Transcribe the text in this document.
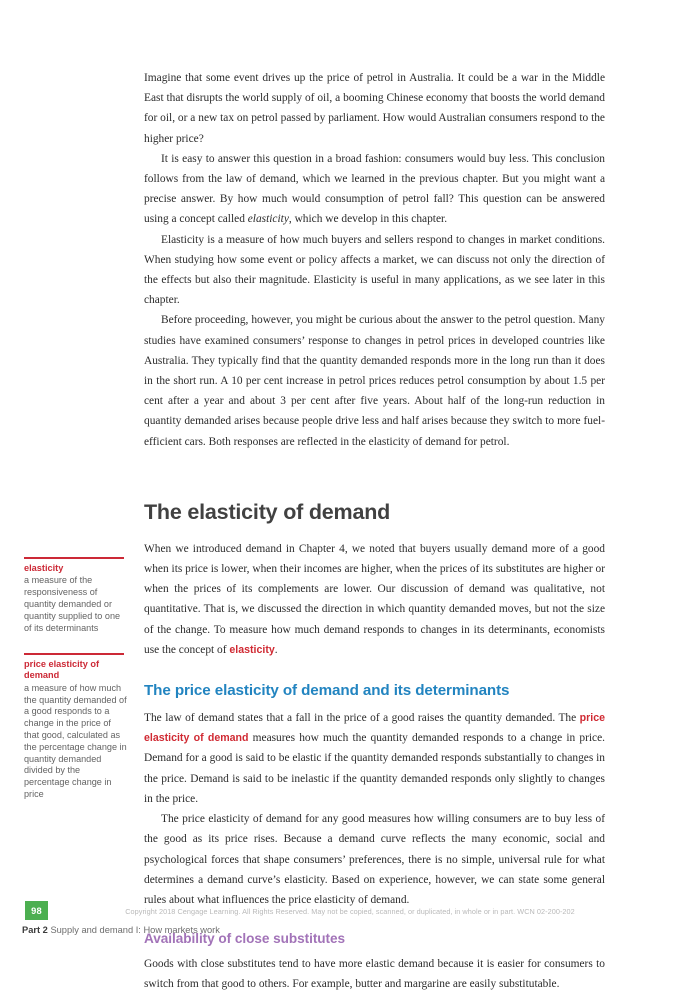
Imagine that some event drives up the price of petrol in Australia. It could be a war in the Middle East that disrupts the world supply of oil, a booming Chinese economy that boosts the world demand for oil, or a new tax on petrol passed by parliament. How would Australian consumers respond to the higher price?

It is easy to answer this question in a broad fashion: consumers would buy less. This conclusion follows from the law of demand, which we learned in the previous chapter. But you might want a precise answer. By how much would consumption of petrol fall? This question can be answered using a concept called elasticity, which we develop in this chapter.

Elasticity is a measure of how much buyers and sellers respond to changes in market conditions. When studying how some event or policy affects a market, we can discuss not only the direction of the effects but also their magnitude. Elasticity is useful in many applications, as we see later in this chapter.

Before proceeding, however, you might be curious about the answer to the petrol question. Many studies have examined consumers’ response to changes in petrol prices in developed countries like Australia. They typically find that the quantity demanded responds more in the long run than it does in the short run. A 10 per cent increase in petrol prices reduces petrol consumption by about 1.5 per cent after a year and about 3 per cent after five years. About half of the long-run reduction in quantity demanded arises because people drive less and half arises because they switch to more fuel-efficient cars. Both responses are reflected in the elasticity of demand for petrol.

The elasticity of demand

When we introduced demand in Chapter 4, we noted that buyers usually demand more of a good when its price is lower, when their incomes are higher, when the prices of its substitutes are higher or when the prices of its complements are lower. Our discussion of demand was qualitative, not quantitative. That is, we discussed the direction in which quantity demanded moves, but not the size of the change. To measure how much demand responds to changes in its determinants, economists use the concept of elasticity.

The price elasticity of demand and its determinants

The law of demand states that a fall in the price of a good raises the quantity demanded. The price elasticity of demand measures how much the quantity demanded responds to a change in price. Demand for a good is said to be elastic if the quantity demanded responds substantially to changes in the price. Demand is said to be inelastic if the quantity demanded responds only slightly to changes in the price.

The price elasticity of demand for any good measures how willing consumers are to buy less of the good as its price rises. Because a demand curve reflects the many economic, social and psychological forces that shape consumers’ preferences, there is no simple, universal rule for what determines a demand curve’s elasticity. Based on experience, however, we can state some general rules about what influences the price elasticity of demand.

Availability of close substitutes

Goods with close substitutes tend to have more elastic demand because it is easier for consumers to switch from that good to others. For example, butter and margarine are easily substitutable.

elasticity
a measure of the responsiveness of quantity demanded or quantity supplied to one of its determinants
price elasticity of demand
a measure of how much the quantity demanded of a good responds to a change in the price of that good, calculated as the percentage change in quantity demanded divided by the percentage change in price
98	Copyright 2018 Cengage Learning. All Rights Reserved. May not be copied, scanned, or duplicated, in whole or in part. WCN 02-200-202
Part 2 Supply and demand I: How markets work
